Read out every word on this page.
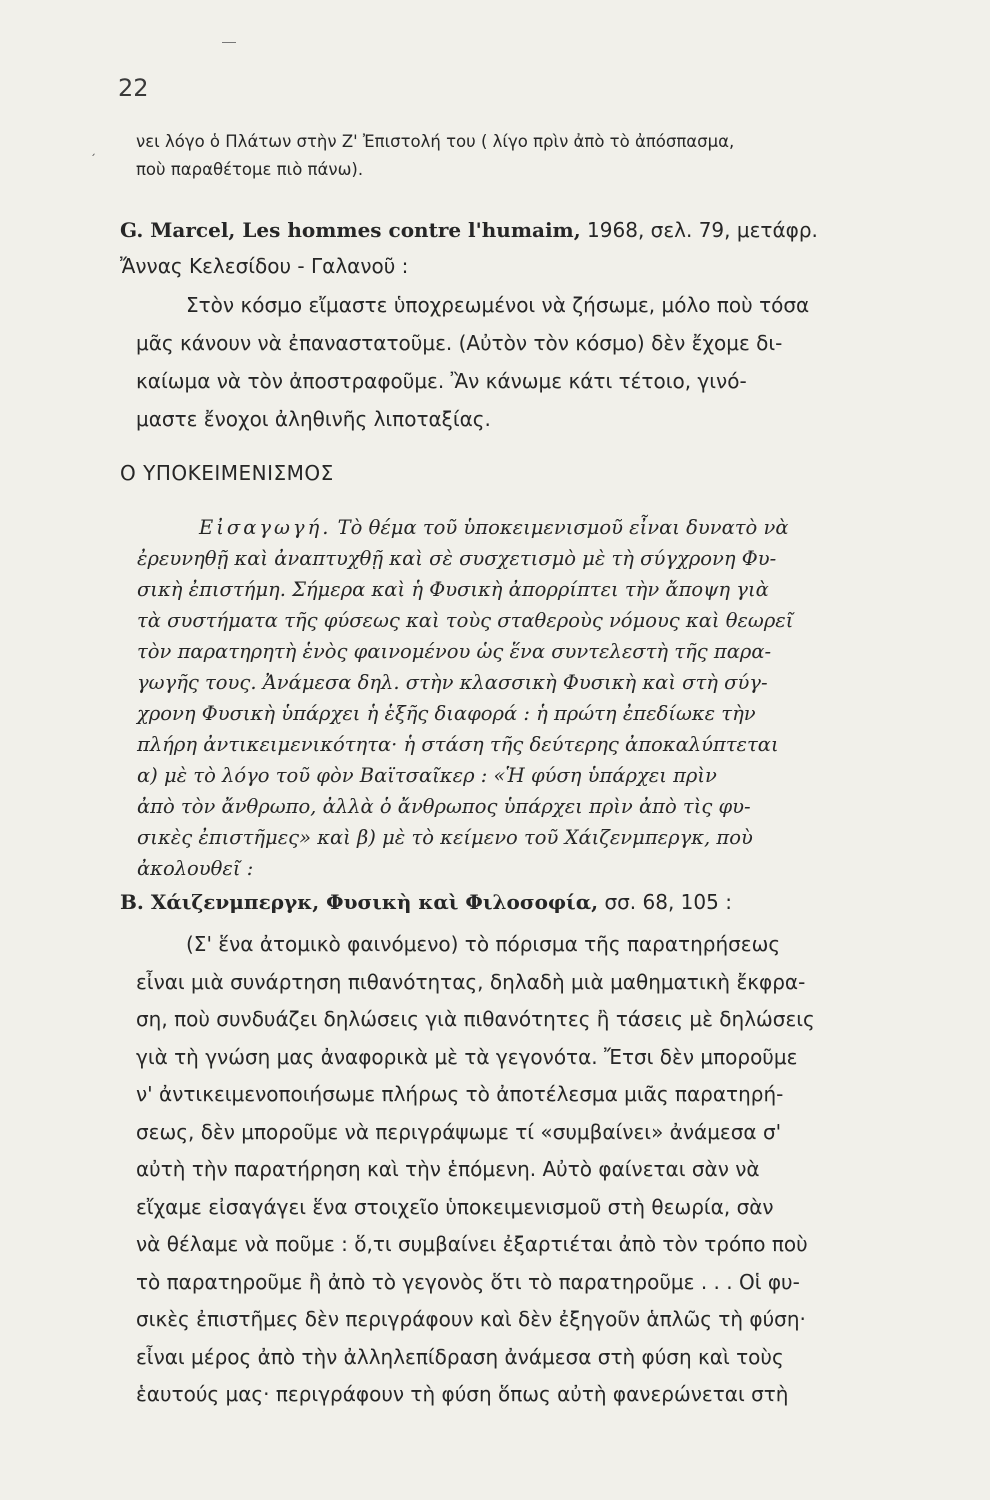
22
ˏ νει λόγο ὁ Πλάτων στὴν Ζ' Ἐπιστολή του ( λίγο πρὶν ἀπὸ τὸ ἀπόσπασμα,
ποὺ παραθέτομε πιὸ πάνω).
G. Marcel, Les hommes contre l'humaim, 1968, σελ. 79, μετάφρ.
Ἄννας Κελεσίδου - Γαλανοῦ :
Στὸν κόσμο εἴμαστε ὑποχρεωμένοι νὰ ζήσωμε, μόλο ποὺ τόσα
μᾶς κάνουν νὰ ἐπαναστατοῦμε. (Αὐτὸν τὸν κόσμο) δὲν ἔχομε δι-
καίωμα νὰ τὸν ἀποστραφοῦμε. Ἂν κάνωμε κάτι τέτοιο, γινό-
μαστε ἔνοχοι ἀληθινῆς λιποταξίας.
Ο ΥΠΟΚΕΙΜΕΝΙΣΜΟΣ
Εἰσαγωγή. Τὸ θέμα τοῦ ὑποκειμενισμοῦ εἶναι δυνατὸ νὰ
ἐρευνηθῇ καὶ ἀναπτυχθῇ καὶ σὲ συσχετισμὸ μὲ τὴ σύγχρονη Φυ-
σικὴ ἐπιστήμη. Σήμερα καὶ ἡ Φυσικὴ ἀπορρίπτει τὴν ἄποψη γιὰ
τὰ συστήματα τῆς φύσεως καὶ τοὺς σταθεροὺς νόμους καὶ θεωρεῖ
τὸν παρατηρητὴ ἑνὸς φαινομένου ὡς ἕνα συντελεστὴ τῆς παρα-
γωγῆς τους. Ἀνάμεσα δηλ. στὴν κλασσικὴ Φυσικὴ καὶ στὴ σύγ-
χρονη Φυσικὴ ὑπάρχει ἡ ἑξῆς διαφορά : ἡ πρώτη ἐπεδίωκε τὴν
πλήρη ἀντικειμενικότητα· ἡ στάση τῆς δεύτερης ἀποκαλύπτεται
α) μὲ τὸ λόγο τοῦ φὸν Βαϊτσαῖκερ : «Ἡ φύση ὑπάρχει πρὶν
ἀπὸ τὸν ἄνθρωπο, ἀλλὰ ὁ ἄνθρωπος ὑπάρχει πρὶν ἀπὸ τὶς φυ-
σικὲς ἐπιστῆμες» καὶ β) μὲ τὸ κείμενο τοῦ Χάιζενμπεργκ, ποὺ
ἀκολουθεῖ :
Β. Χάιζενμπεργκ, Φυσικὴ καὶ Φιλοσοφία, σσ. 68, 105 :
(Σ' ἕνα ἀτομικὸ φαινόμενο) τὸ πόρισμα τῆς παρατηρήσεως
εἶναι μιὰ συνάρτηση πιθανότητας, δηλαδὴ μιὰ μαθηματικὴ ἔκφρα-
ση, ποὺ συνδυάζει δηλώσεις γιὰ πιθανότητες ἢ τάσεις μὲ δηλώσεις
γιὰ τὴ γνώση μας ἀναφορικὰ μὲ τὰ γεγονότα. Ἔτσι δὲν μποροῦμε
ν' ἀντικειμενοποιήσωμε πλήρως τὸ ἀποτέλεσμα μιᾶς παρατηρή-
σεως, δὲν μποροῦμε νὰ περιγράψωμε τί «συμβαίνει» ἀνάμεσα σ'
αὐτὴ τὴν παρατήρηση καὶ τὴν ἑπόμενη. Αὐτὸ φαίνεται σὰν νὰ
εἴχαμε εἰσαγάγει ἕνα στοιχεῖο ὑποκειμενισμοῦ στὴ θεωρία, σὰν
νὰ θέλαμε νὰ ποῦμε : ὅ,τι συμβαίνει ἐξαρτιέται ἀπὸ τὸν τρόπο ποὺ
τὸ παρατηροῦμε ἢ ἀπὸ τὸ γεγονὸς ὅτι τὸ παρατηροῦμε . . . Οἱ φυ-
σικὲς ἐπιστῆμες δὲν περιγράφουν καὶ δὲν ἐξηγοῦν ἁπλῶς τὴ φύση·
εἶναι μέρος ἀπὸ τὴν ἀλληλεπίδραση ἀνάμεσα στὴ φύση καὶ τοὺς
ἑαυτούς μας· περιγράφουν τὴ φύση ὅπως αὐτὴ φανερώνεται στὴ
